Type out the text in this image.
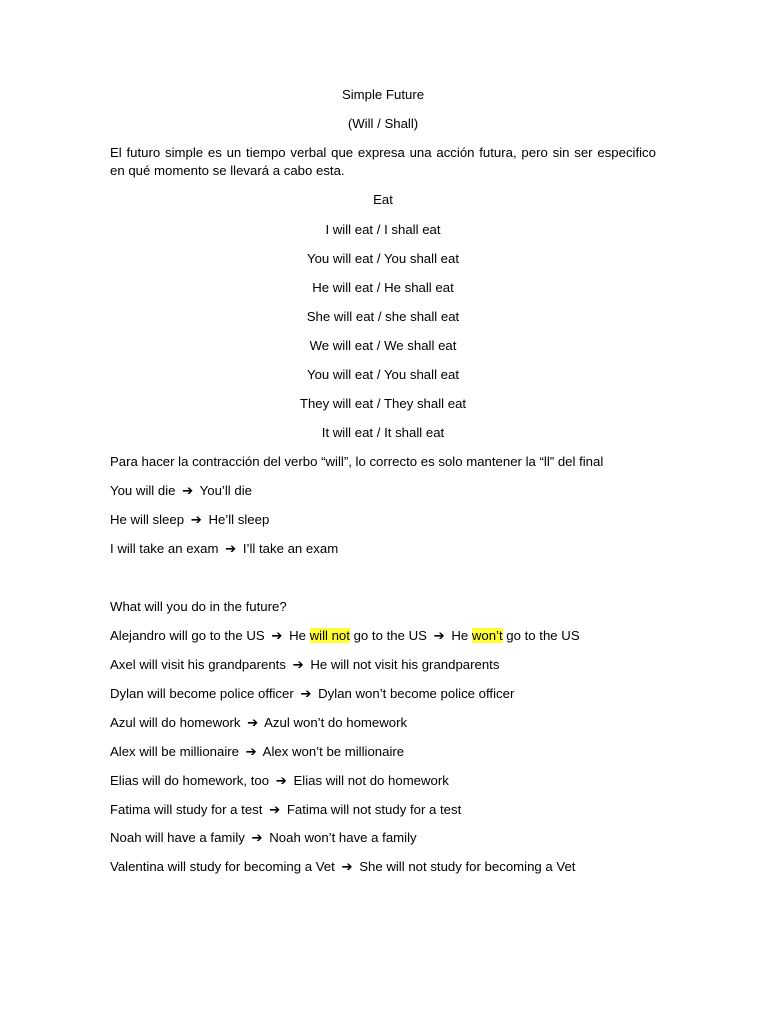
Simple Future
(Will / Shall)
El futuro simple es un tiempo verbal que expresa una acción futura, pero sin ser especifico en qué momento se llevará a cabo esta.
Eat
I will eat / I shall eat
You will eat / You shall eat
He will eat / He shall eat
She will eat / she shall eat
We will eat / We shall eat
You will eat / You shall eat
They will eat / They shall eat
It will eat / It shall eat
Para hacer la contracción del verbo “will”, lo correcto es solo mantener la “ll” del final
You will die ➔ You’ll die
He will sleep ➔ He’ll sleep
I will take an exam ➔ I’ll take an exam
What will you do in the future?
Alejandro will go to the US ➔ He will not go to the US ➔ He won’t go to the US
Axel will visit his grandparents ➔ He will not visit his grandparents
Dylan will become police officer ➔ Dylan won’t become police officer
Azul will do homework ➔ Azul won’t do homework
Alex will be millionaire ➔ Alex won’t be millionaire
Elias will do homework, too ➔ Elias will not do homework
Fatima will study for a test ➔ Fatima will not study for a test
Noah will have a family ➔ Noah won’t have a family
Valentina will study for becoming a Vet ➔ She will not study for becoming a Vet
